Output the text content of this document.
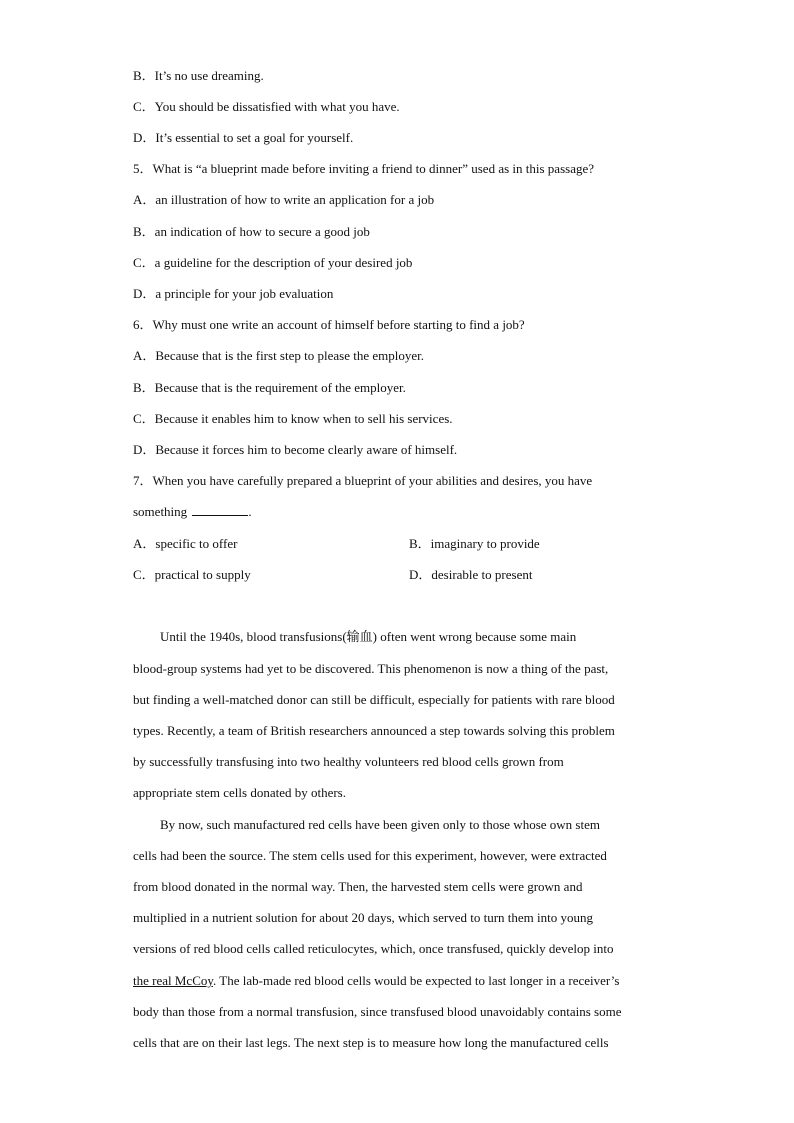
B．It’s no use dreaming.
C．You should be dissatisfied with what you have.
D．It’s essential to set a goal for yourself.
5．What is “a blueprint made before inviting a friend to dinner” used as in this passage?
A．an illustration of how to write an application for a job
B．an indication of how to secure a good job
C．a guideline for the description of your desired job
D．a principle for your job evaluation
6．Why must one write an account of himself before starting to find a job?
A．Because that is the first step to please the employer.
B．Because that is the requirement of the employer.
C．Because it enables him to know when to sell his services.
D．Because it forces him to become clearly aware of himself.
7．When you have carefully prepared a blueprint of your abilities and desires, you have
something	.
A．specific to offer	B．imaginary to provide
C．practical to supply	D．desirable to present
Until the 1940s, blood transfusions(输血) often went wrong because some main
blood-group systems had yet to be discovered. This phenomenon is now a thing of the past,
but finding a well-matched donor can still be difficult, especially for patients with rare blood
types. Recently, a team of British researchers announced a step towards solving this problem
by successfully transfusing into two healthy volunteers red blood cells grown from
appropriate stem cells donated by others.
By now, such manufactured red cells have been given only to those whose own stem
cells had been the source. The stem cells used for this experiment, however, were extracted
from blood donated in the normal way. Then, the harvested stem cells were grown and
multiplied in a nutrient solution for about 20 days, which served to turn them into young
versions of red blood cells called reticulocytes, which, once transfused, quickly develop into
the real McCoy. The lab-made red blood cells would be expected to last longer in a receiver’s
body than those from a normal transfusion, since transfused blood unavoidably contains some
cells that are on their last legs. The next step is to measure how long the manufactured cells
